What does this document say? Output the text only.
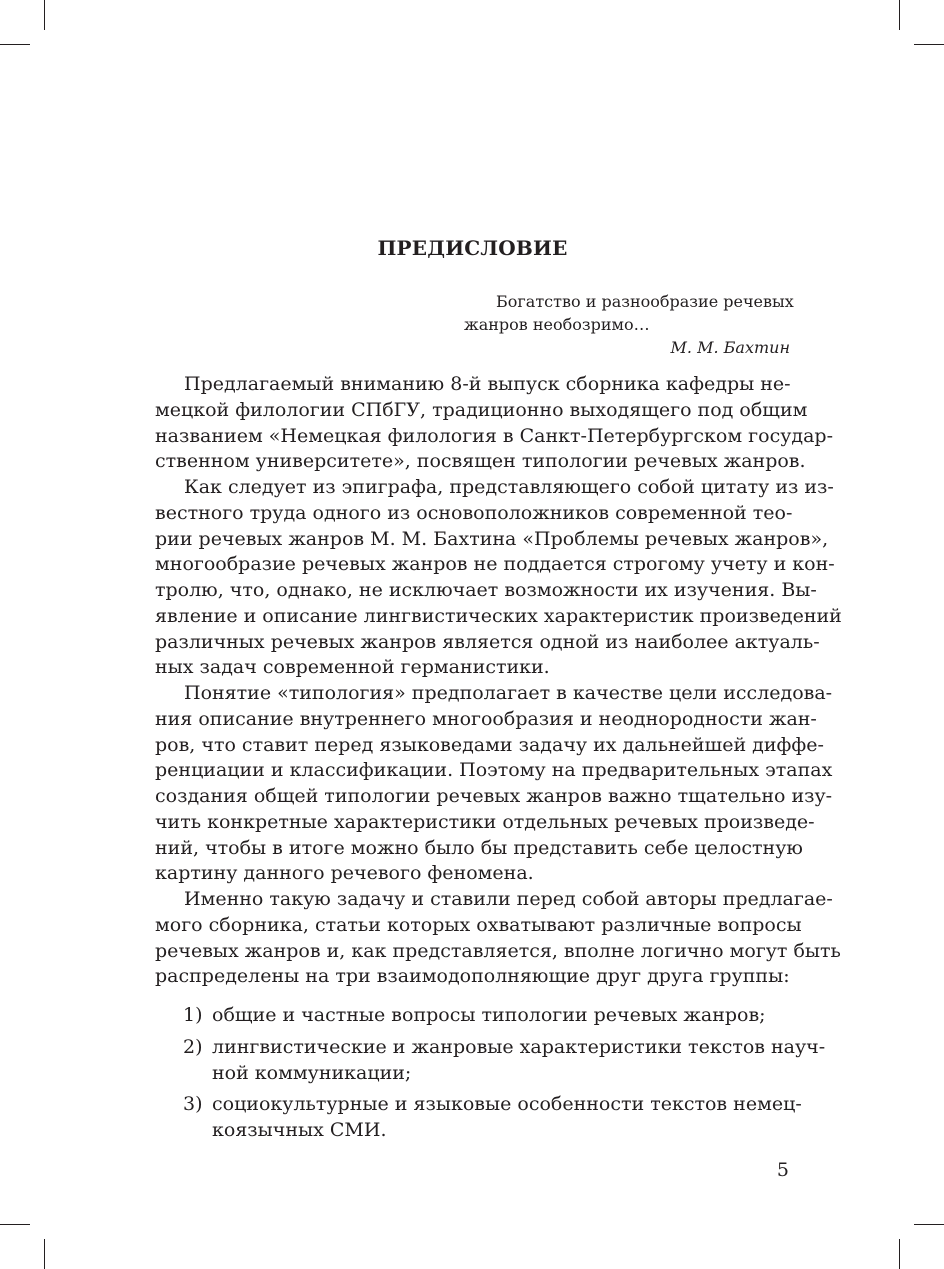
ПРЕДИСЛОВИЕ
Богатство и разнообразие речевых
жанров необозримо…
М. М. Бахтин
Предлагаемый вниманию 8-й выпуск сборника кафедры не-
мецкой филологии СПбГУ, традиционно выходящего под общим
названием «Немецкая филология в Санкт-Петербургском государ-
ственном университете», посвящен типологии речевых жанров.
Как следует из эпиграфа, представляющего собой цитату из из-
вестного труда одного из основоположников современной тео-
рии речевых жанров М. М. Бахтина «Проблемы речевых жанров»,
многообразие речевых жанров не поддается строгому учету и кон-
тролю, что, однако, не исключает возможности их изучения. Вы-
явление и описание лингвистических характеристик произведений
различных речевых жанров является одной из наиболее актуаль-
ных задач современной германистики.
Понятие «типология» предполагает в качестве цели исследова-
ния описание внутреннего многообразия и неоднородности жан-
ров, что ставит перед языковедами задачу их дальнейшей диффе-
ренциации и классификации. Поэтому на предварительных этапах
создания общей типологии речевых жанров важно тщательно изу-
чить конкретные характеристики отдельных речевых произведе-
ний, чтобы в итоге можно было бы представить себе целостную
картину данного речевого феномена.
Именно такую задачу и ставили перед собой авторы предлагае-
мого сборника, статьи которых охватывают различные вопросы
речевых жанров и, как представляется, вполне логично могут быть
распределены на три взаимодополняющие друг друга группы:
1) общие и частные вопросы типологии речевых жанров;
2) лингвистические и жанровые характеристики текстов науч-
ной коммуникации;
3) социокультурные и языковые особенности текстов немец-
коязычных СМИ.
5
